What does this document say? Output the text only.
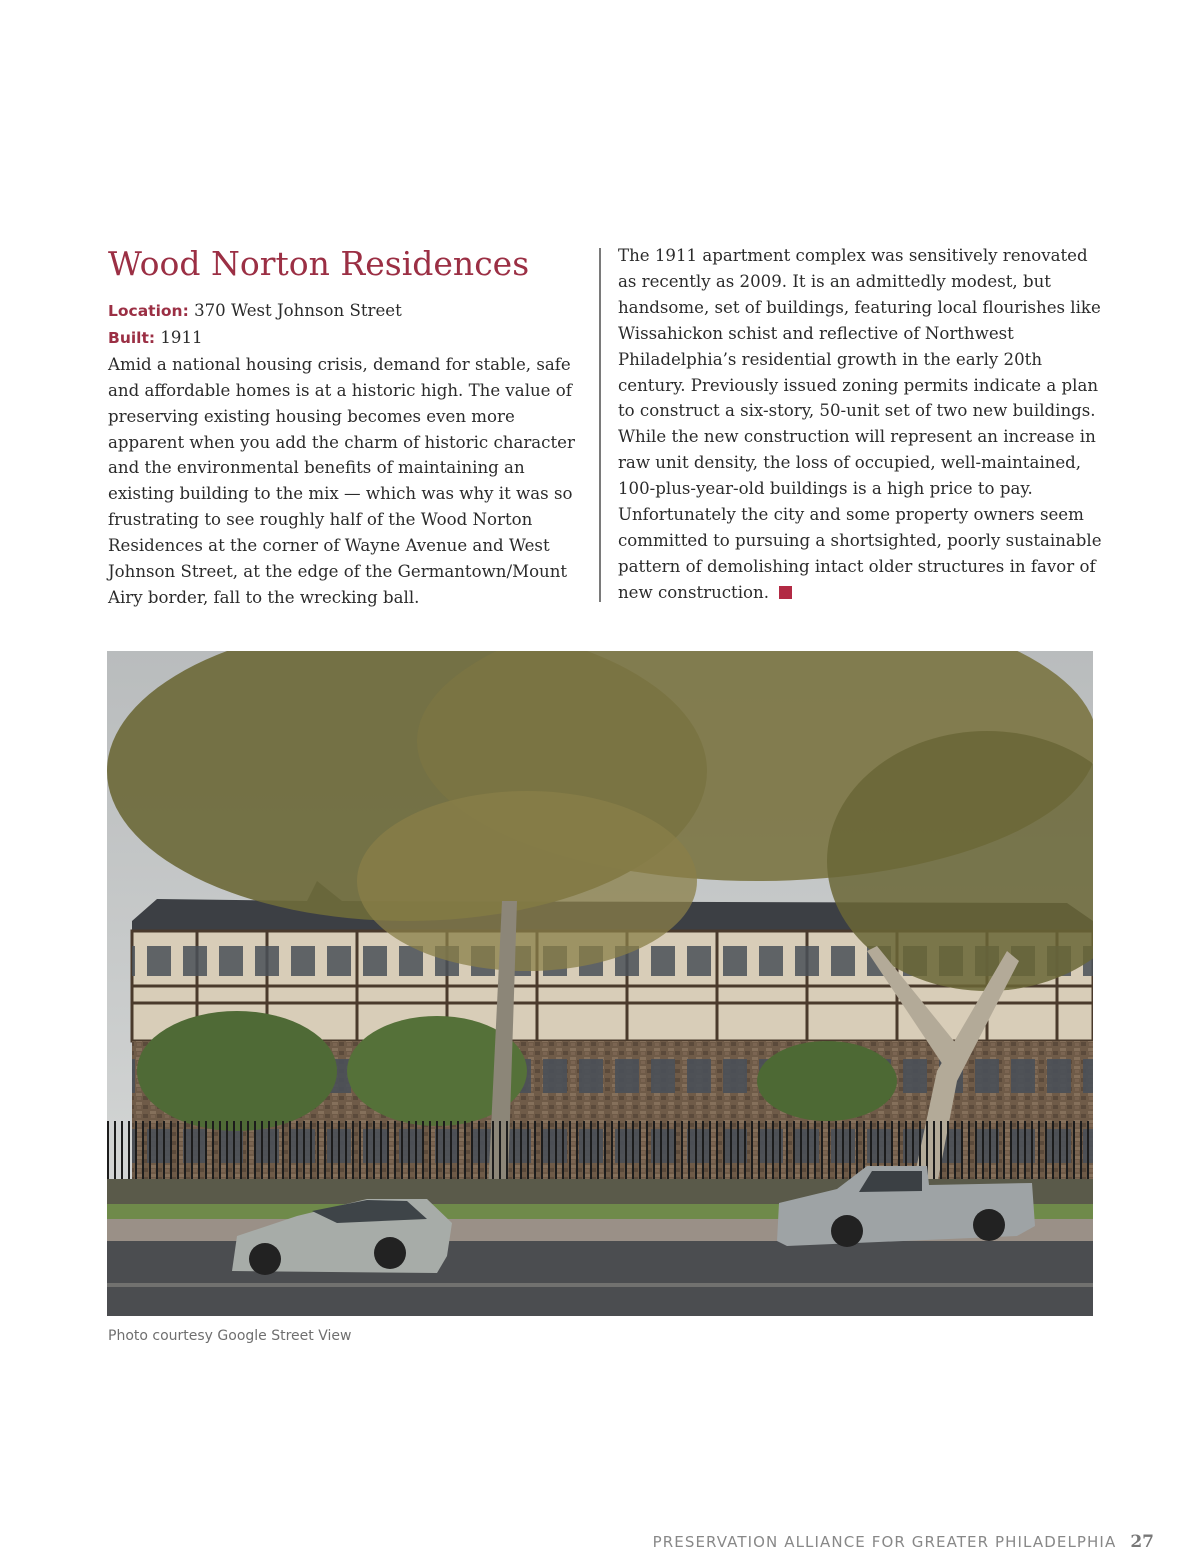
Wood Norton Residences
Location: 370 West Johnson Street
Built: 1911

Amid a national housing crisis, demand for stable, safe and affordable homes is at a historic high. The value of preserving existing housing becomes even more apparent when you add the charm of historic character and the environmental benefits of maintaining an existing building to the mix — which was why it was so frustrating to see roughly half of the Wood Norton Residences at the corner of Wayne Avenue and West Johnson Street, at the edge of the Germantown/Mount Airy border, fall to the wrecking ball.

The 1911 apartment complex was sensitively renovated as recently as 2009. It is an admittedly modest, but handsome, set of buildings, featuring local flourishes like Wissahickon schist and reflective of Northwest Philadelphia’s residential growth in the early 20th century. Previously issued zoning permits indicate a plan to construct a six-story, 50-unit set of two new buildings. While the new construction will represent an increase in raw unit density, the loss of occupied, well-maintained, 100-plus-year-old buildings is a high price to pay. Unfortunately the city and some property owners seem committed to pursuing a shortsighted, poorly sustainable pattern of demolishing intact older structures in favor of new construction.

Photo courtesy Google Street View

PRESERVATION ALLIANCE FOR GREATER PHILADELPHIA 27
